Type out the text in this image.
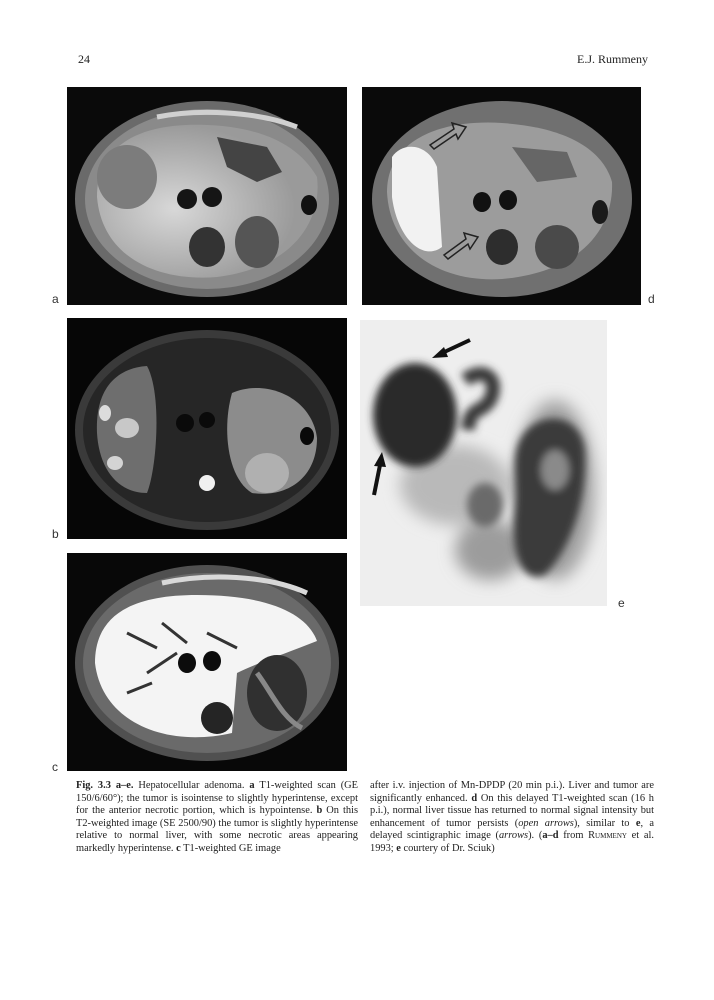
24	E.J. Rummeny
a	d
b
e
c

Fig. 3.3 a–e. Hepatocellular adenoma. a T1-weighted scan (GE 150/6/60°); the tumor is isointense to slightly hyperintense, except for the anterior necrotic portion, which is hypointense. b On this T2-weighted image (SE 2500/90) the tumor is slightly hyperintense relative to normal liver, with some necrotic areas appearing markedly hyperintense. c T1-weighted GE image

after i.v. injection of Mn-DPDP (20 min p.i.). Liver and tumor are significantly enhanced. d On this delayed T1-weighted scan (16 h p.i.), normal liver tissue has returned to normal signal intensity but enhancement of tumor persists (open arrows), similar to e, a delayed scintigraphic image (arrows). (a–d from Rummeny et al. 1993; e courtery of Dr. Sciuk)
